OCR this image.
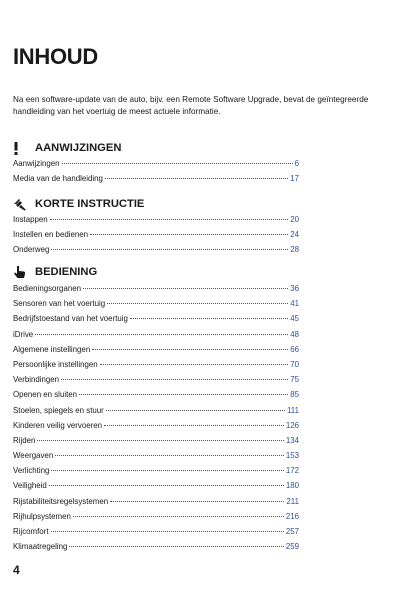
INHOUD

Na een software-update van de auto, bijv. een Remote Software Upgrade, bevat de geïntegreerde handleiding van het voertuig de meest actuele informatie.

AANWIJZINGEN
Aanwijzingen	6
Media van de handleiding	17
KORTE INSTRUCTIE
Instappen	20
Instellen en bedienen	24
Onderweg	28
BEDIENING
Bedieningsorganen	36
Sensoren van het voertuig	41
Bedrijfstoestand van het voertuig	45
iDrive	48
Algemene instellingen	66
Persoonlijke instellingen	70
Verbindingen	75
Openen en sluiten	85
Stoelen, spiegels en stuur	111
Kinderen veilig vervoeren	126
Rijden	134
Weergaven	153
Verlichting	172
Veiligheid	180
Rijstabiliteitsregelsystemen	211
Rijhulpsystemen	216
Rijcomfort	257
Klimaatregeling	259

4
